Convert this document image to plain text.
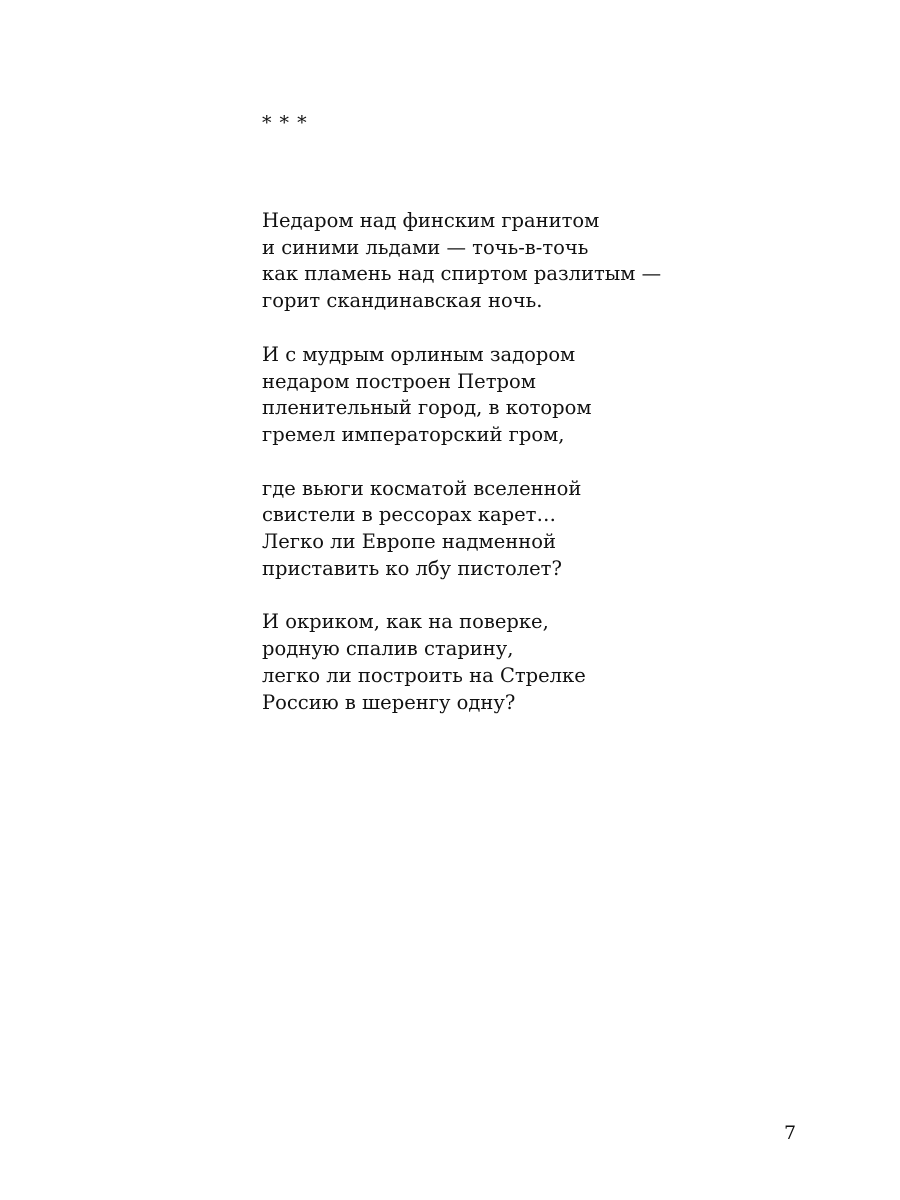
* * *
Недаром над финским гранитом
и синими льдами — точь-в-точь
как пламень над спиртом разлитым —
горит скандинавская ночь.
И с мудрым орлиным задором
недаром построен Петром
пленительный город, в котором
гремел императорский гром,
где вьюги косматой вселенной
свистели в рессорах карет…
Легко ли Европе надменной
приставить ко лбу пистолет?
И окриком, как на поверке,
родную спалив старину,
легко ли построить на Стрелке
Россию в шеренгу одну?
7
